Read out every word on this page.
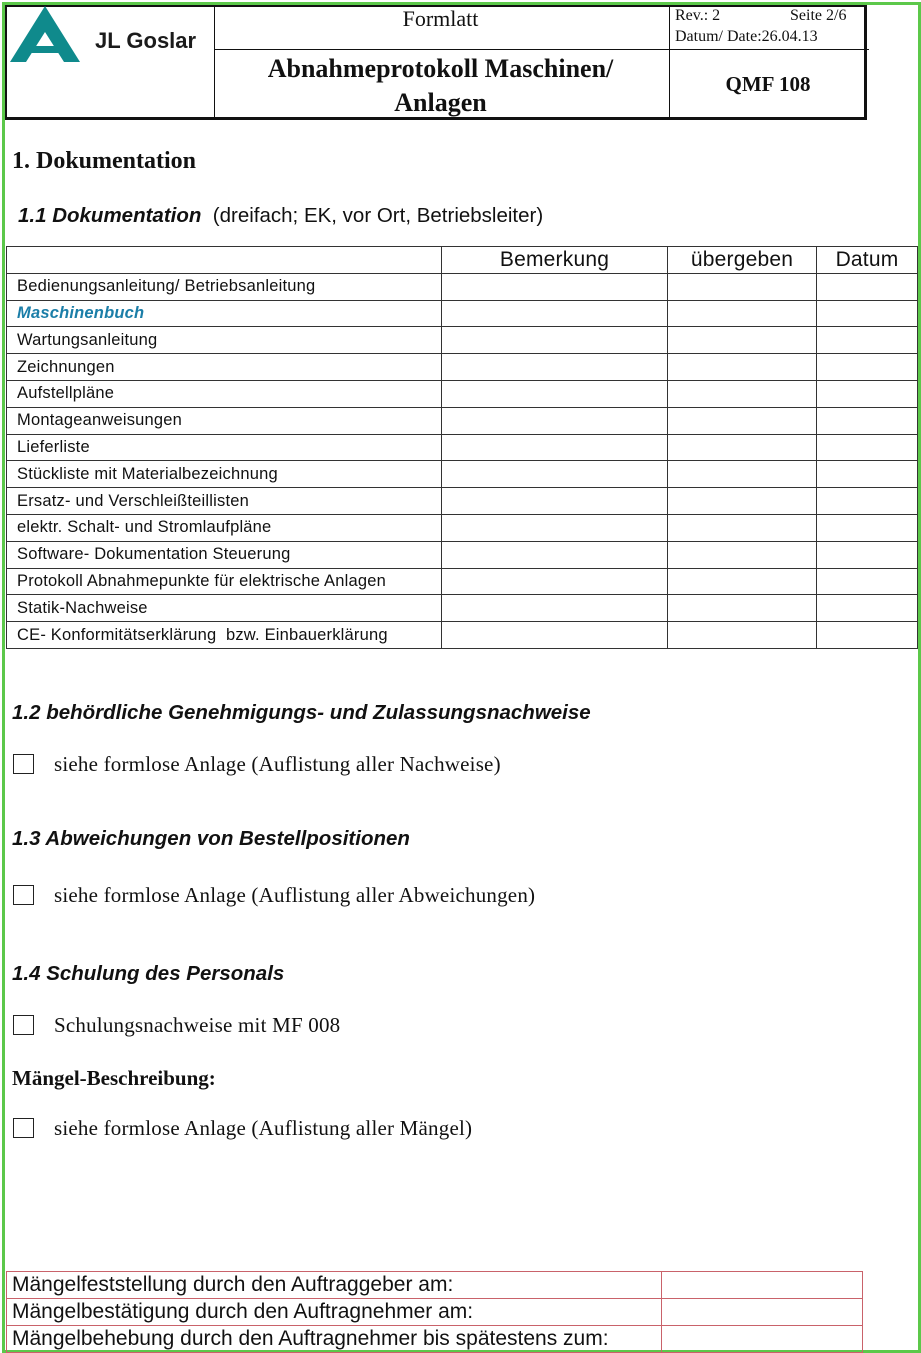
JL Goslar
Formlatt
Abnahmeprotokoll Maschinen/
Anlagen
Rev.: 2	Seite 2/6
Datum/ Date:26.04.13
QMF 108
1. Dokumentation
1.1 Dokumentation (dreifach; EK, vor Ort, Betriebsleiter)
	Bemerkung	übergeben	Datum
Bedienungsanleitung/ Betriebsanleitung			
Maschinenbuch			
Wartungsanleitung			
Zeichnungen			
Aufstellpläne			
Montageanweisungen			
Lieferliste			
Stückliste mit Materialbezeichnung			
Ersatz- und Verschleißteillisten			
elektr. Schalt- und Stromlaufpläne			
Software- Dokumentation Steuerung			
Protokoll Abnahmepunkte für elektrische Anlagen			
Statik-Nachweise			
CE- Konformitätserklärung  bzw. Einbauerklärung			
1.2 behördliche Genehmigungs- und Zulassungsnachweise
siehe formlose Anlage (Auflistung aller Nachweise)
1.3 Abweichungen von Bestellpositionen
siehe formlose Anlage (Auflistung aller Abweichungen)
1.4 Schulung des Personals
Schulungsnachweise mit MF 008
Mängel-Beschreibung:
siehe formlose Anlage (Auflistung aller Mängel)
Mängelfeststellung durch den Auftraggeber am:	
Mängelbestätigung durch den Auftragnehmer am:	
Mängelbehebung durch den Auftragnehmer bis spätestens zum:	
